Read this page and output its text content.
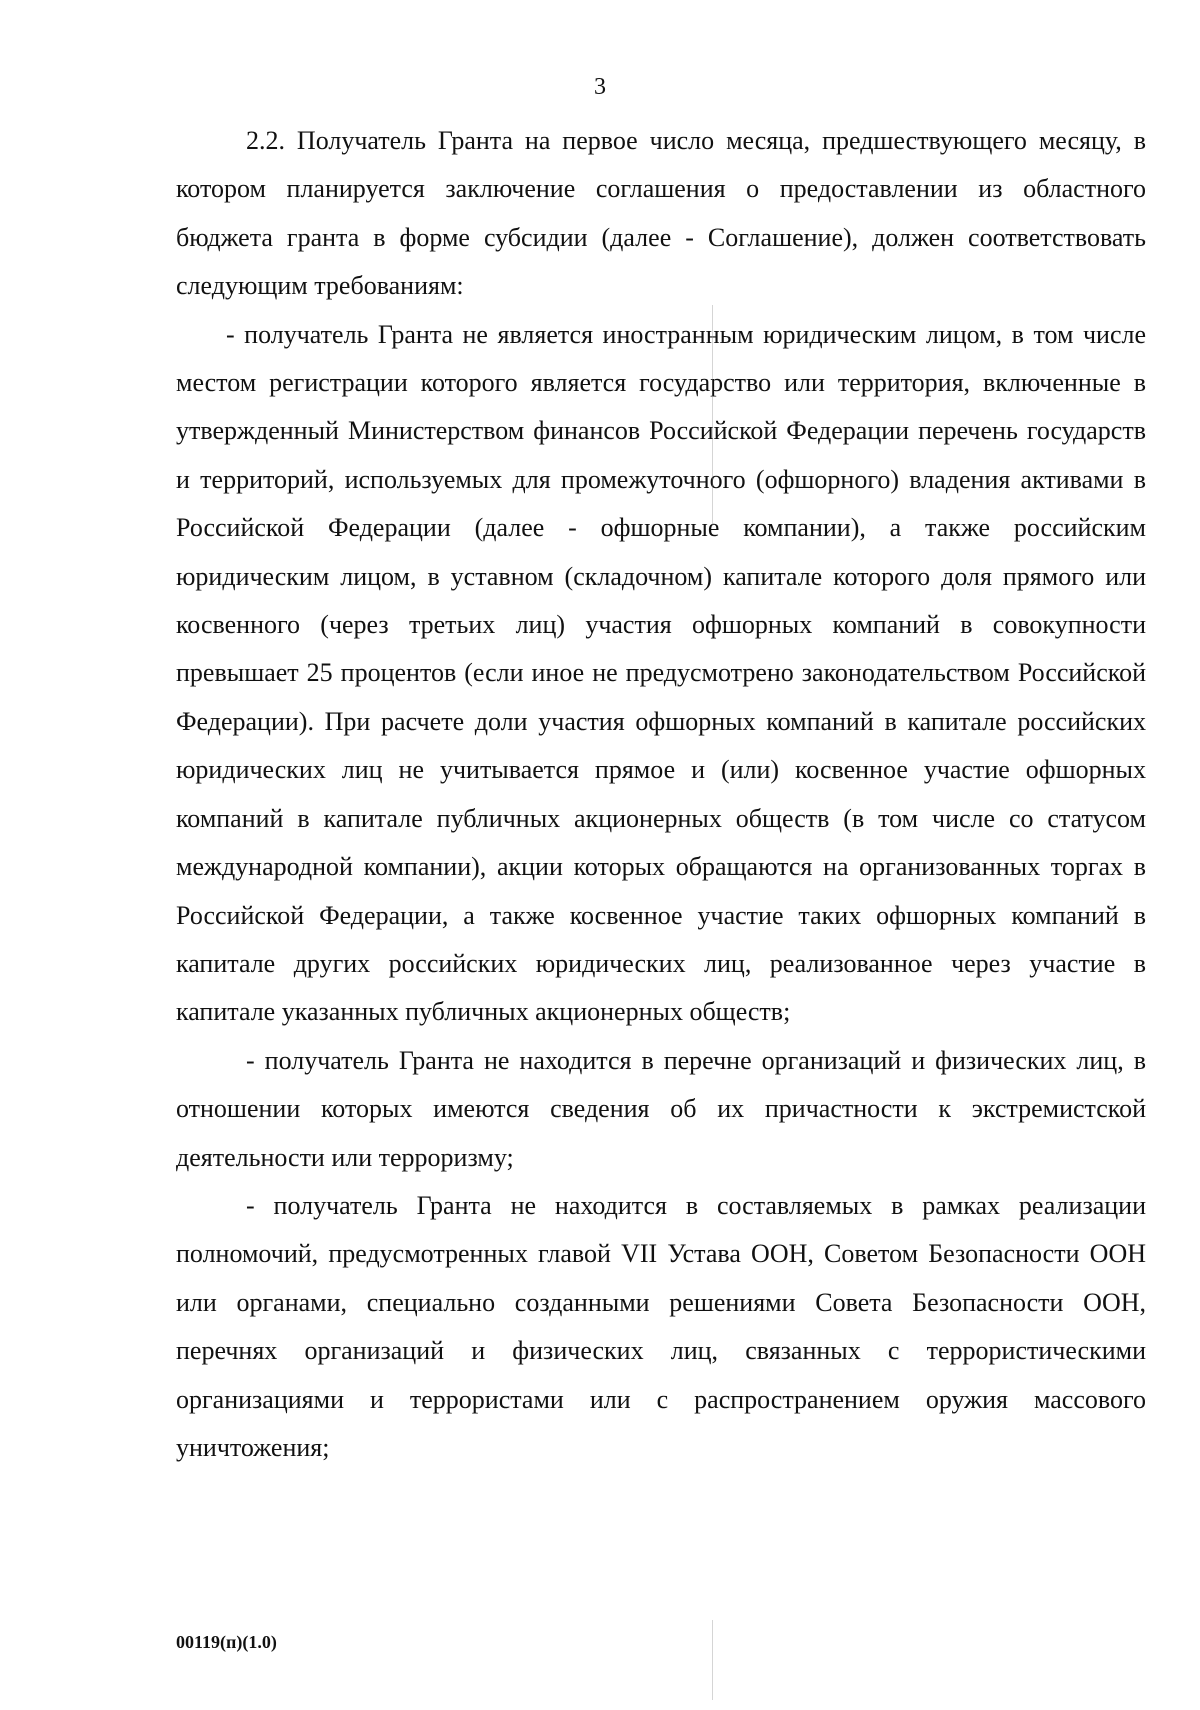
3

2.2. Получатель Гранта на первое число месяца, предшествующего месяцу, в котором планируется заключение соглашения о предоставлении из областного бюджета гранта в форме субсидии (далее - Соглашение), должен соответствовать следующим требованиям:

- получатель Гранта не является иностранным юридическим лицом, в том числе местом регистрации которого является государство или территория, включенные в утвержденный Министерством финансов Российской Федерации перечень государств и территорий, используемых для промежуточного (офшорного) владения активами в Российской Федерации (далее - офшорные компании), а также российским юридическим лицом, в уставном (складочном) капитале которого доля прямого или косвенного (через третьих лиц) участия офшорных компаний в совокупности превышает 25 процентов (если иное не предусмотрено законодательством Российской Федерации). При расчете доли участия офшорных компаний в капитале российских юридических лиц не учитывается прямое и (или) косвенное участие офшорных компаний в капитале публичных акционерных обществ (в том числе со статусом международной компании), акции которых обращаются на организованных торгах в Российской Федерации, а также косвенное участие таких офшорных компаний в капитале других российских юридических лиц, реализованное через участие в капитале указанных публичных акционерных обществ;

- получатель Гранта не находится в перечне организаций и физических лиц, в отношении которых имеются сведения об их причастности к экстремистской деятельности или терроризму;

- получатель Гранта не находится в составляемых в рамках реализации полномочий, предусмотренных главой VII Устава ООН, Советом Безопасности ООН или органами, специально созданными решениями Совета Безопасности ООН, перечнях организаций и физических лиц, связанных с террористическими организациями и террористами или с распространением оружия массового уничтожения;

00119(п)(1.0)
